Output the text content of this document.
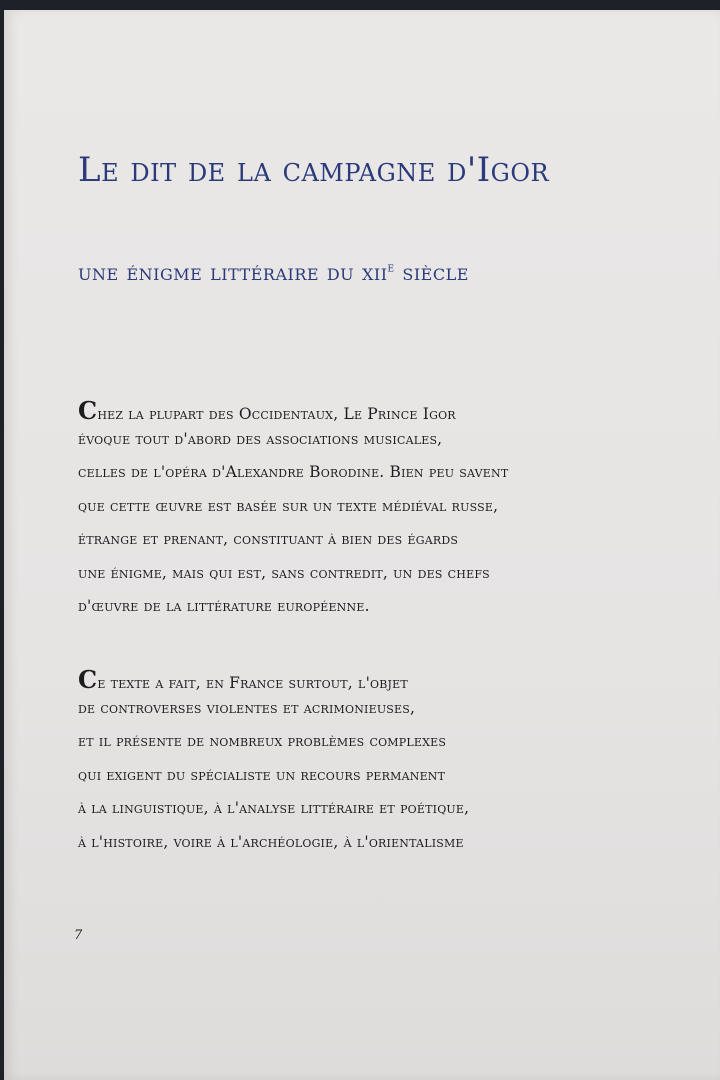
Le dit de la campagne d'Igor
une énigme littéraire du xii$^e$ siècle
Chez la plupart des Occidentaux, Le Prince Igor
évoque tout d'abord des associations musicales,
celles de l'opéra d'Alexandre Borodine. Bien peu savent
que cette œuvre est basée sur un texte médiéval russe,
étrange et prenant, constituant à bien des égards
une énigme, mais qui est, sans contredit, un des chefs
d'œuvre de la littérature européenne.
Ce texte a fait, en France surtout, l'objet
de controverses violentes et acrimonieuses,
et il présente de nombreux problèmes complexes
qui exigent du spécialiste un recours permanent
à la linguistique, à l'analyse littéraire et poétique,
à l'histoire, voire à l'archéologie, à l'orientalisme
7
